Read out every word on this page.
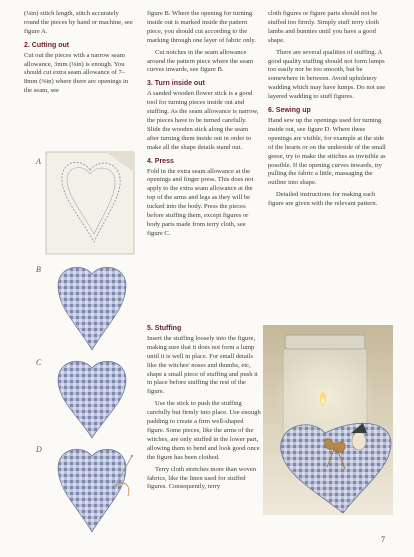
(¼in) stitch length, stitch accurately round the pieces by hand or machine, see figure A.

2. Cutting out

Cut out the pieces with a narrow seam allowance, 3mm (⅛in) is enough. You should cut extra seam allowance of 7–8mm (⅜in) where there are openings in the seam, see

A
B
C
D

figure B. Where the opening for turning inside out is marked inside the pattern piece, you should cut according to the marking through one layer of fabric only.

Cut notches in the seam allowance around the pattern piece where the seam curves inwards, see figure B.

3. Turn inside out

A sanded wooden flower stick is a good tool for turning pieces inside out and stuffing. As the seam allowance is narrow, the pieces have to be turned carefully. Slide the wooden stick along the seam after turning them inside out in order to make all the shape details stand out.

4. Press

Fold in the extra seam allowance at the openings and finger press. This does not apply to the extra seam allowance at the top of the arms and legs as they will be tucked into the body. Press the pieces before stuffing them, except figures or body parts made from terry cloth, see figure C.

5. Stuffing

Insert the stuffing loosely into the figure, making sure that it does not form a lump until it is well in place. For small details like the witches' noses and thumbs, etc, shape a small piece of stuffing and push it in place before stuffing the rest of the figure.

Use the stick to push the stuffing carefully but firmly into place. Use enough padding to create a firm well-shaped figure. Some pieces, like the arms of the witches, are only stuffed in the lower part, allowing them to bend and look good once the figure has been clothed.

Terry cloth stretches more than woven fabrics, like the linen used for stuffed figures. Consequently, terry

cloth figures or figure parts should not be stuffed too firmly. Simply stuff terry cloth lambs and bunnies until you have a good shape.

There are several qualities of stuffing. A good quality stuffing should not form lumps too easily nor be too smooth, but be somewhere in between. Avoid upholstery wadding which may have lumps. Do not use layered wadding to stuff figures.

6. Sewing up

Hand sew up the openings used for turning inside out, see figure D. Where these openings are visible, for example at the side of the hearts or on the underside of the small geese, try to make the stitches as invisible as possible. If the opening curves inwards, try pulling the fabric a little, massaging the outline into shape.

Detailed instructions for making each figure are given with the relevant pattern.

7
